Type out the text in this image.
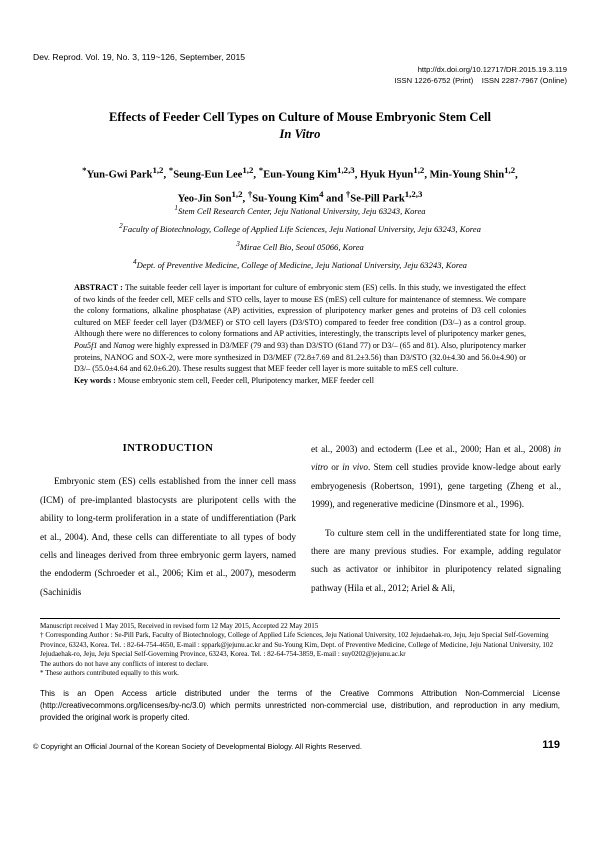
Dev. Reprod. Vol. 19, No. 3, 119~126, September, 2015
http://dx.doi.org/10.12717/DR.2015.19.3.119
ISSN 1226-6752 (Print)    ISSN 2287-7967 (Online)
Effects of Feeder Cell Types on Culture of Mouse Embryonic Stem Cell
In Vitro
*Yun-Gwi Park$^{1,2}$, *Seung-Eun Lee$^{1,2}$, *Eun-Young Kim$^{1,2,3}$, Hyuk Hyun$^{1,2}$, Min-Young Shin$^{1,2}$,
Yeo-Jin Son$^{1,2}$, †Su-Young Kim$^4$ and †Se-Pill Park$^{1,2,3}$
$^1$Stem Cell Research Center, Jeju National University, Jeju 63243, Korea
$^2$Faculty of Biotechnology, College of Applied Life Sciences, Jeju National University, Jeju 63243, Korea
$^3$Mirae Cell Bio, Seoul 05066, Korea
$^4$Dept. of Preventive Medicine, College of Medicine, Jeju National University, Jeju 63243, Korea
ABSTRACT : The suitable feeder cell layer is important for culture of embryonic stem (ES) cells. In this study, we investigated the effect of two kinds of the feeder cell, MEF cells and STO cells, layer to mouse ES (mES) cell culture for maintenance of stemness. We compare the colony formations, alkaline phosphatase (AP) activities, expression of pluripotency marker genes and proteins of D3 cell colonies cultured on MEF feeder cell layer (D3/MEF) or STO cell layers (D3/STO) compared to feeder free condition (D3/–) as a control group. Although there were no differences to colony formations and AP activities, interestingly, the transcripts level of pluripotency marker genes, Pou5f1 and Nanog were highly expressed in D3/MEF (79 and 93) than D3/STO (61and 77) or D3/– (65 and 81). Also, pluripotency marker proteins, NANOG and SOX-2, were more synthesized in D3/MEF (72.8±7.69 and 81.2±3.56) than D3/STO (32.0±4.30 and 56.0±4.90) or D3/– (55.0±4.64 and 62.0±6.20). These results suggest that MEF feeder cell layer is more suitable to mES cell culture.
Key words : Mouse embryonic stem cell, Feeder cell, Pluripotency marker, MEF feeder cell
INTRODUCTION

Embryonic stem (ES) cells established from the inner cell mass (ICM) of pre-implanted blastocysts are pluripotent cells with the ability to long-term proliferation in a state of undifferentiation (Park et al., 2004). And, these cells can differentiate to all types of body cells and lineages derived from three embryonic germ layers, named the endoderm (Schroeder et al., 2006; Kim et al., 2007), mesoderm (Sachinidis

et al., 2003) and ectoderm (Lee et al., 2000; Han et al., 2008) in vitro or in vivo. Stem cell studies provide know-ledge about early embryogenesis (Robertson, 1991), gene targeting (Zheng et al., 1999), and regenerative medicine (Dinsmore et al., 1996).

To culture stem cell in the undifferentiated state for long time, there are many previous studies. For example, adding regulator such as activator or inhibitor in pluripotency related signaling pathway (Hila et al., 2012; Ariel & Ali,

Manuscript received 1 May 2015, Received in revised form 12 May 2015, Accepted 22 May 2015
† Corresponding Author : Se-Pill Park, Faculty of Biotechnology, College of Applied Life Sciences, Jeju National University, 102 Jejudaehak-ro, Jeju, Jeju Special Self-Governing Province, 63243, Korea. Tel. : 82-64-754-4650, E-mail : sppark@jejunu.ac.kr and Su-Young Kim, Dept. of Preventive Medicine, College of Medicine, Jeju National University, 102 Jejudaehak-ro, Jeju, Jeju Special Self-Governing Province, 63243, Korea. Tel. : 82-64-754-3859, E-mail : suy0202@jejunu.ac.kr
The authors do not have any conflicts of interest to declare.
* These authors contributed equally to this work.
This is an Open Access article distributed under the terms of the Creative Commons Attribution Non-Commercial License (http://creativecommons.org/licenses/by-nc/3.0) which permits unrestricted non-commercial use, distribution, and reproduction in any medium, provided the original work is properly cited.
© Copyright an Official Journal of the Korean Society of Developmental Biology. All Rights Reserved.	119
